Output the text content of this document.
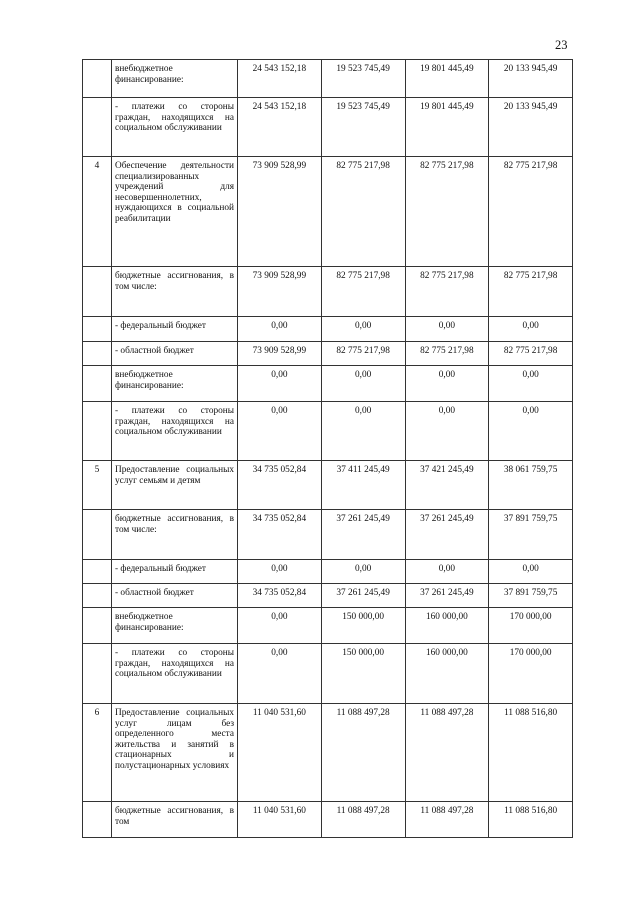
23
	внебюджетное финансирование:	24 543 152,18	19 523 745,49	19 801 445,49	20 133 945,49
	- платежи со стороны граждан, находящихся на социальном обслуживании	24 543 152,18	19 523 745,49	19 801 445,49	20 133 945,49
4	Обеспечение деятельности специализированных учреждений для несовершеннолетних, нуждающихся в социальной реабилитации	73 909 528,99	82 775 217,98	82 775 217,98	82 775 217,98
	бюджетные ассигнования, в том числе:	73 909 528,99	82 775 217,98	82 775 217,98	82 775 217,98
	- федеральный бюджет	0,00	0,00	0,00	0,00
	- областной бюджет	73 909 528,99	82 775 217,98	82 775 217,98	82 775 217,98
	внебюджетное финансирование:	0,00	0,00	0,00	0,00
	- платежи со стороны граждан, находящихся на социальном обслуживании	0,00	0,00	0,00	0,00
5	Предоставление социальных услуг семьям и детям	34 735 052,84	37 411 245,49	37 421 245,49	38 061 759,75
	бюджетные ассигнования, в том числе:	34 735 052,84	37 261 245,49	37 261 245,49	37 891 759,75
	- федеральный бюджет	0,00	0,00	0,00	0,00
	- областной бюджет	34 735 052,84	37 261 245,49	37 261 245,49	37 891 759,75
	внебюджетное финансирование:	0,00	150 000,00	160 000,00	170 000,00
	- платежи со стороны граждан, находящихся на социальном обслуживании	0,00	150 000,00	160 000,00	170 000,00
6	Предоставление социальных услуг лицам без определенного места жительства и занятий в стационарных и полустационарных условиях	11 040 531,60	11 088 497,28	11 088 497,28	11 088 516,80
	бюджетные ассигнования, в том	11 040 531,60	11 088 497,28	11 088 497,28	11 088 516,80
